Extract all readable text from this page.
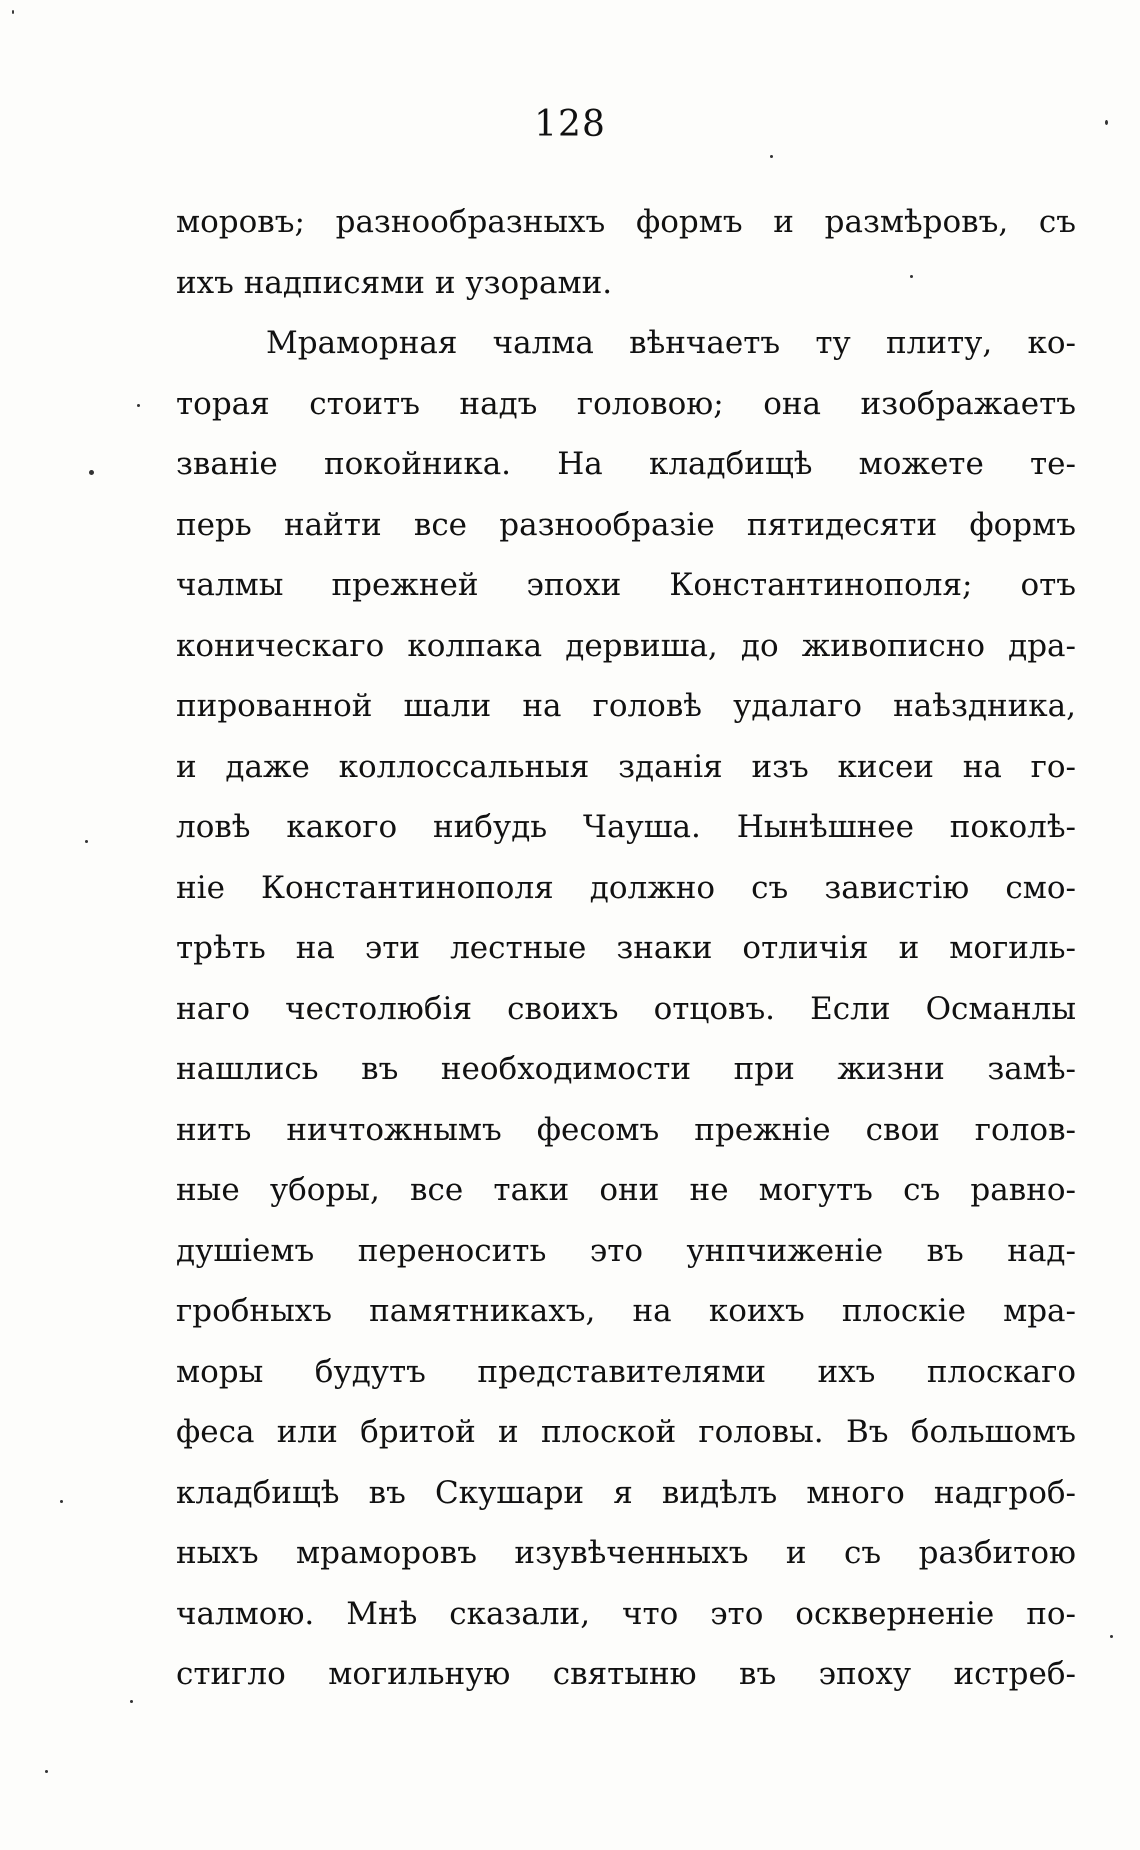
128
моровъ; разнообразныхъ формъ и размѣровъ, съ
ихъ надписями и узорами.
Мраморная чалма вѣнчаетъ ту плиту, ко-
торая стоитъ надъ головою; она изображаетъ
званіе покойника. На кладбищѣ можете те-
перь найти все разнообразіе пятидесяти формъ
чалмы прежней эпохи Константинополя; отъ
коническаго колпака дервиша, до живописно дра-
пированной шали на головѣ удалаго наѣздника,
и даже коллоссальныя зданія изъ кисеи на го-
ловѣ какого нибудь Чауша. Нынѣшнее поколѣ-
ніе Константинополя должно съ завистію смо-
трѣть на эти лестные знаки отличія и могиль-
наго честолюбія своихъ отцовъ. Если Османлы
нашлись въ необходимости при жизни замѣ-
нить ничтожнымъ фесомъ прежніе свои голов-
ные уборы, все таки они не могутъ съ равно-
душіемъ переносить это унпчиженіе въ над-
гробныхъ памятникахъ, на коихъ плоскіе мра-
моры будутъ представителями ихъ плоскаго
феса или бритой и плоской головы. Въ большомъ
кладбищѣ въ Скушари я видѣлъ много надгроб-
ныхъ мраморовъ изувѣченныхъ и съ разбитою
чалмою. Мнѣ сказали, что это оскверненіе по-
стигло могильную святыню въ эпоху истреб-
